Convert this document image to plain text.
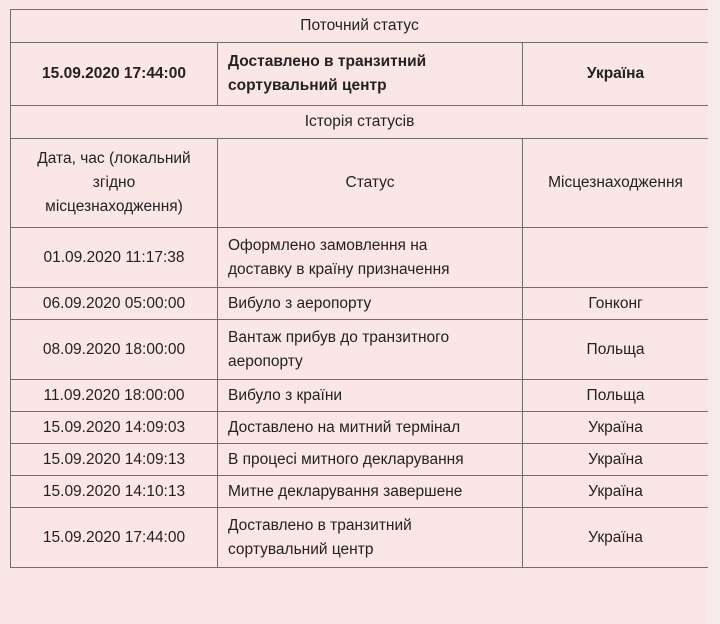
Поточний статус		
15.09.2020 17:44:00	Доставлено в транзитний
сортувальний центр	Україна
Історія статусів		

Дата, час (локальний
згідно
місцезнаходження)	Статус	Місцезнаходження
01.09.2020 11:17:38	Оформлено замовлення на
доставку в країну призначення	

06.09.2020 05:00:00	Вибуло з аеропорту	Гонконг
08.09.2020 18:00:00	Вантаж прибув до транзитного
аеропорту	Польща
11.09.2020 18:00:00	Вибуло з країни	Польща
15.09.2020 14:09:03	Доставлено на митний термінал	Україна
15.09.2020 14:09:13	В процесі митного декларування	Україна
15.09.2020 14:10:13	Митне декларування завершене	Україна
15.09.2020 17:44:00	Доставлено в транзитний
сортувальний центр	Україна
